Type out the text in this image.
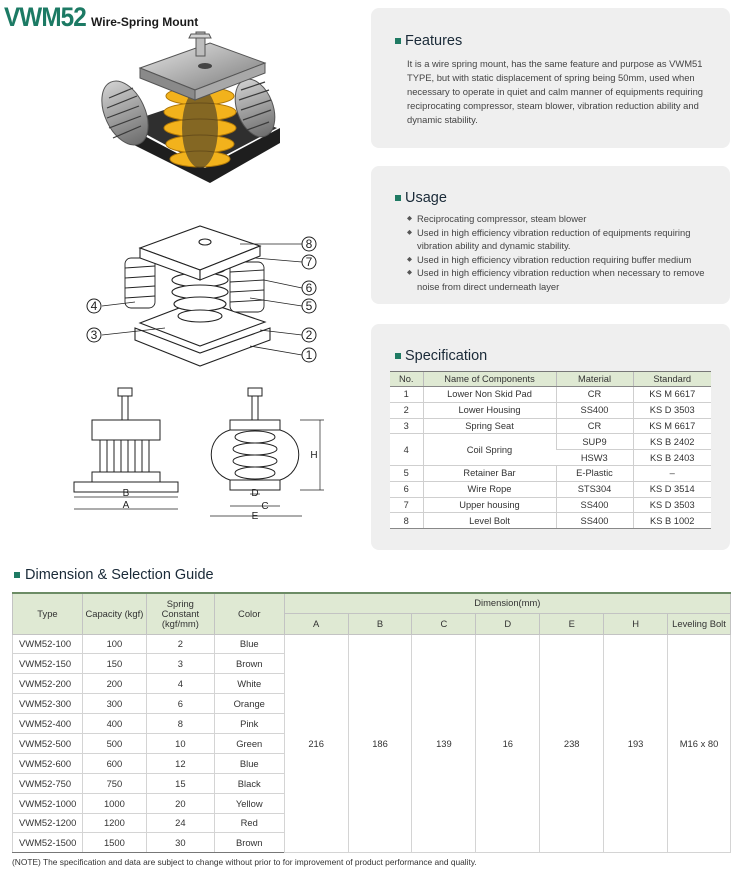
VWM52 Wire-Spring Mount
8
7
6
5
2
1
4
3
B
A
H
D
C
E
Features

It is a wire spring mount, has the same feature and purpose as VWM51 TYPE, but with static displacement of spring being 50mm, used when necessary to operate in quiet and calm manner of equipments requiring reciprocating compressor, steam blower, vibration reduction ability and dynamic stability.

Usage
◆ Reciprocating compressor, steam blower
◆ Used in high efficiency vibration reduction of equipments requiring vibration ability and dynamic stability.
◆ Used in high efficiency vibration reduction requiring buffer medium
◆ Used in high efficiency vibration reduction when necessary to remove noise from direct underneath layer
Specification
No.	Name of Components	Material	Standard
1	Lower Non Skid Pad	CR	KS M 6617
2	Lower Housing	SS400	KS D 3503
3	Spring Seat	CR	KS M 6617
4	Coil Spring	SUP9	KS B 2402
		HSW3	KS B 2403
5	Retainer Bar	E-Plastic	–
6	Wire Rope	STS304	KS D 3514
7	Upper housing	SS400	KS D 3503
8	Level Bolt	SS400	KS B 1002
Dimension & Selection Guide
Type	Capacity (kgf)	Spring Constant (kgf/mm)	Color	Dimension(mm)						
				A	B	C	D	E	H	Leveling Bolt
VWM52-100	100	2	Blue	216	186	139	16	238	193	M16 x 80
VWM52-150	150	3	Brown							
VWM52-200	200	4	White							
VWM52-300	300	6	Orange							
VWM52-400	400	8	Pink							
VWM52-500	500	10	Green							
VWM52-600	600	12	Blue							
VWM52-750	750	15	Black							
VWM52-1000	1000	20	Yellow							
VWM52-1200	1200	24	Red							
VWM52-1500	1500	30	Brown							
(NOTE) The specification and data are subject to change without prior to for improvement of product performance and quality.
